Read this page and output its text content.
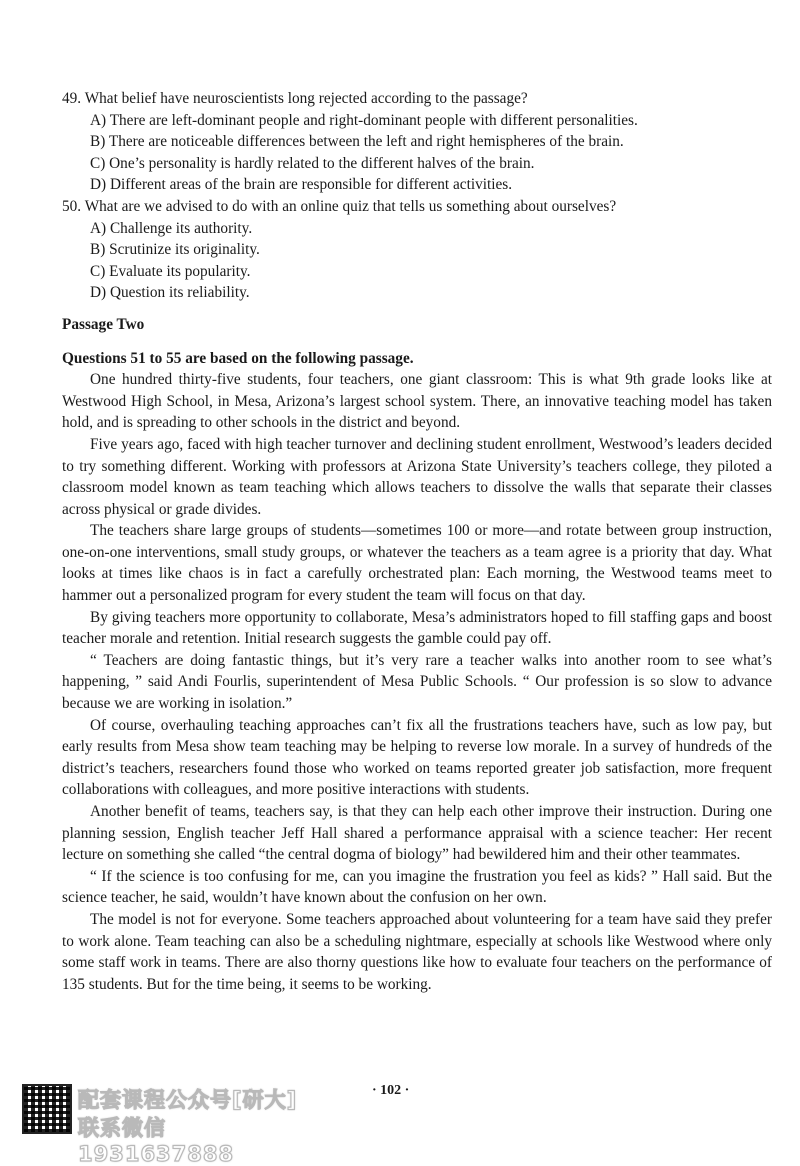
49. What belief have neuroscientists long rejected according to the passage?

A) There are left-dominant people and right-dominant people with different personalities.

B) There are noticeable differences between the left and right hemispheres of the brain.

C) One’s personality is hardly related to the different halves of the brain.

D) Different areas of the brain are responsible for different activities.

50. What are we advised to do with an online quiz that tells us something about ourselves?

A) Challenge its authority.

B) Scrutinize its originality.

C) Evaluate its popularity.

D) Question its reliability.

Passage Two

Questions 51 to 55 are based on the following passage.

One hundred thirty-five students, four teachers, one giant classroom: This is what 9th grade looks like at Westwood High School, in Mesa, Arizona’s largest school system. There, an innovative teaching model has taken hold, and is spreading to other schools in the district and beyond.

Five years ago, faced with high teacher turnover and declining student enrollment, Westwood’s leaders decided to try something different. Working with professors at Arizona State University’s teachers college, they piloted a classroom model known as team teaching which allows teachers to dissolve the walls that separate their classes across physical or grade divides.

The teachers share large groups of students—sometimes 100 or more—and rotate between group instruction, one-on-one interventions, small study groups, or whatever the teachers as a team agree is a priority that day. What looks at times like chaos is in fact a carefully orchestrated plan: Each morning, the Westwood teams meet to hammer out a personalized program for every student the team will focus on that day.

By giving teachers more opportunity to collaborate, Mesa’s administrators hoped to fill staffing gaps and boost teacher morale and retention. Initial research suggests the gamble could pay off.

“ Teachers are doing fantastic things, but it’s very rare a teacher walks into another room to see what’s happening, ” said Andi Fourlis, superintendent of Mesa Public Schools. “ Our profession is so slow to advance because we are working in isolation.”

Of course, overhauling teaching approaches can’t fix all the frustrations teachers have, such as low pay, but early results from Mesa show team teaching may be helping to reverse low morale. In a survey of hundreds of the district’s teachers, researchers found those who worked on teams reported greater job satisfaction, more frequent collaborations with colleagues, and more positive interactions with students.

Another benefit of teams, teachers say, is that they can help each other improve their instruction. During one planning session, English teacher Jeff Hall shared a performance appraisal with a science teacher: Her recent lecture on something she called “the central dogma of biology” had bewildered him and their other teammates.

“ If the science is too confusing for me, can you imagine the frustration you feel as kids? ” Hall said. But the science teacher, he said, wouldn’t have known about the confusion on her own.

The model is not for everyone. Some teachers approached about volunteering for a team have said they prefer to work alone. Team teaching can also be a scheduling nightmare, especially at schools like Westwood where only some staff work in teams. There are also thorny questions like how to evaluate four teachers on the performance of 135 students. But for the time being, it seems to be working.

配套课程公众号[研大]
联系微信1931637888
· 102 ·
